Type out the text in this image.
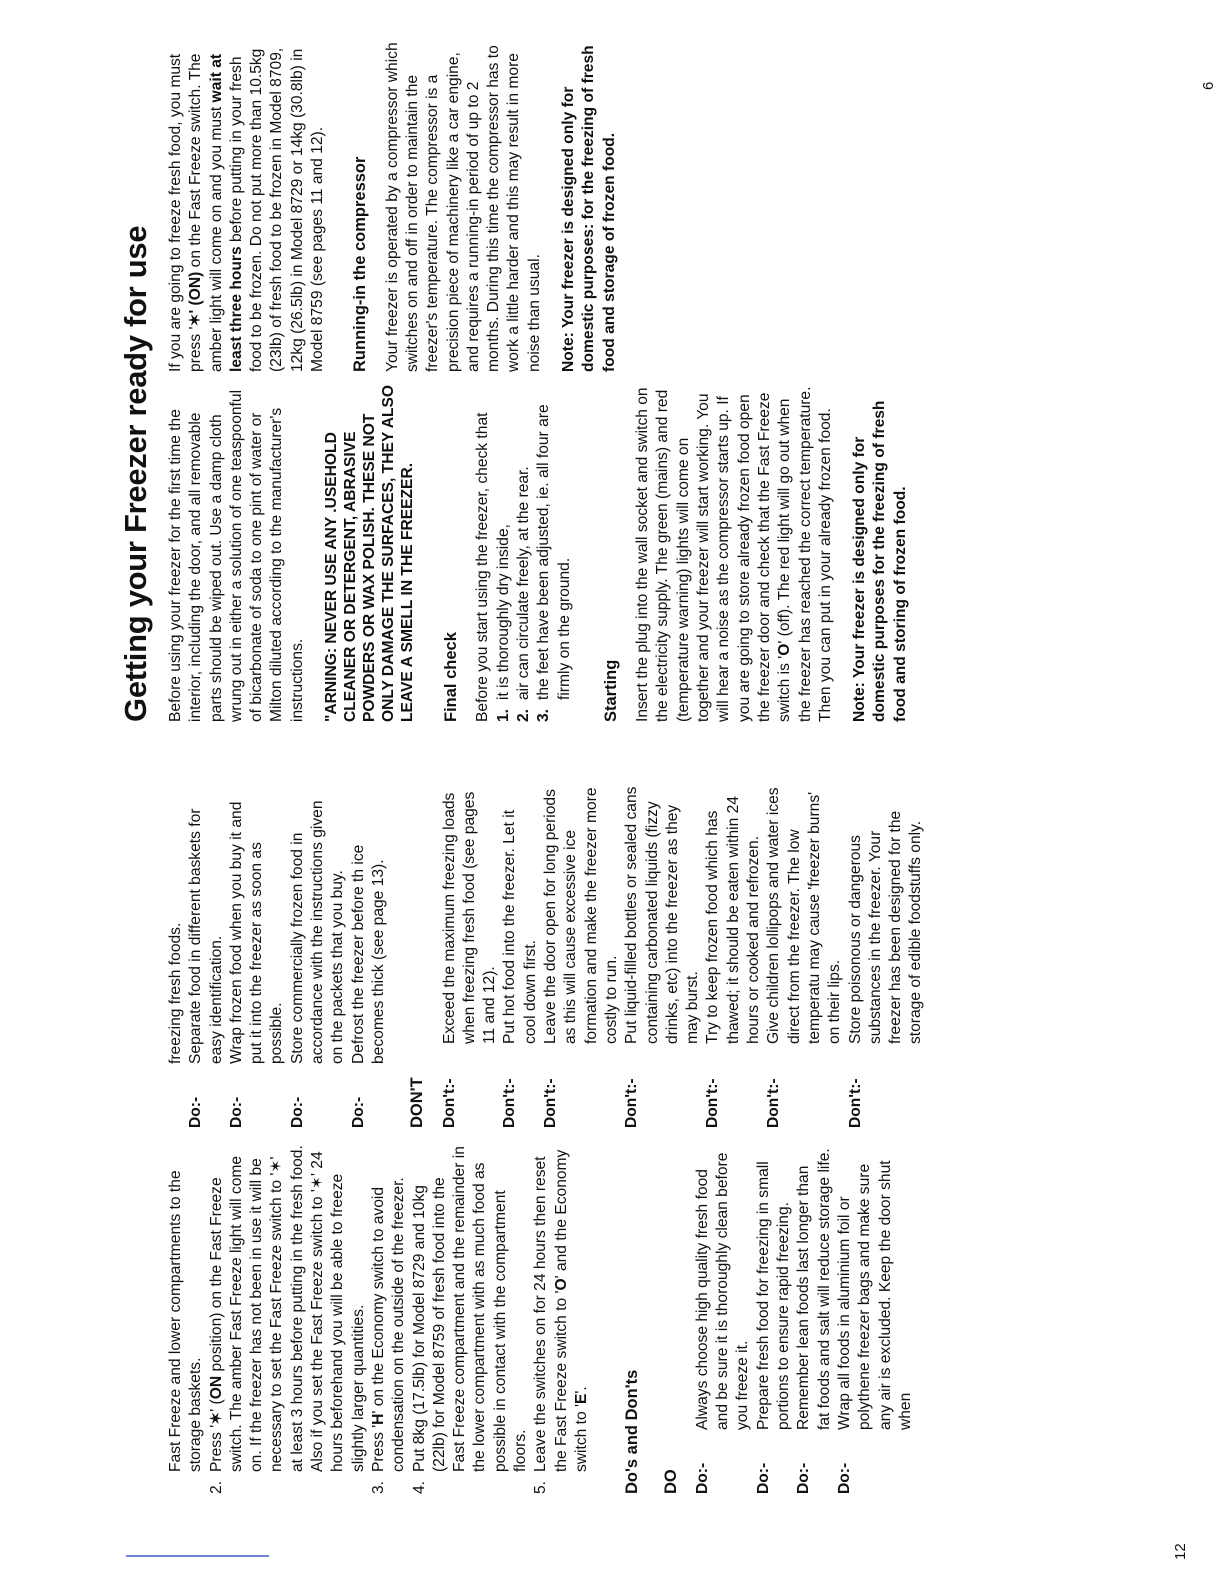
12
Fast Freeze and lower compartments to the storage baskets.
2.
Press '✶' (ON position) on the Fast Freeze switch. The amber Fast Freeze light will come on. If the freezer has not been in use it will be necessary to set the Fast Freeze switch to '✶' at least 3 hours before putting in the fresh food. Also if you set the Fast Freeze switch to '✶' 24 hours beforehand you will be able to freeze slightly larger quantities.
3.
Press 'H' on the Economy switch to avoid condensation on the outside of the freezer.
4.
Put 8kg (17.5lb) for Model 8729 and 10kg (22lb) for Model 8759 of fresh food into the Fast Freeze compartment and the remainder in the lower compartment with as much food as possible in contact with the compartment floors.
5.
Leave the switches on for 24 hours then reset the Fast Freeze switch to 'O' and the Economy switch to 'E'. Do's and Don'ts DO Do:-
Always choose high quality fresh food and be sure it is thoroughly clean before you freeze it.
Do:-
Prepare fresh food for freezing in small portions to ensure rapid freezing.
Do:-
Remember lean foods last longer than fat foods and salt will reduce storage life.
Do:-
Wrap all foods in aluminium foil or polythene freezer bags and make sure any air is excluded. Keep the door shut when
freezing fresh foods.
Do:-
Separate food in different baskets for easy identification.
Do:-
Wrap frozen food when you buy it and put it into the freezer as soon as possible.
Do:-
Store commercially frozen food in accordance with the instructions given on the packets that you buy.
Do:-
Defrost the freezer before th ice becomes thick (see page 13).
DON'T Don't:-
Exceed the maximum freezing loads when freezing fresh food (see pages 11 and 12).
Don't:-
Put hot food into the freezer. Let it cool down first.
Don't:-
Leave the door open for long periods as this will cause excessive ice formation and make the freezer more costly to run.
Don't:-
Put liquid-filled bottles or sealed cans containing carbonated liquids (fizzy drinks, etc) into the freezer as they may burst.
Don't:-
Try to keep frozen food which has thawed; it should be eaten within 24 hours or cooked and refrozen.
Don't:-
Give children lollipops and water ices direct from the freezer. The low temperatu may cause 'freezer burns' on their lips.
Don't:-
Store poisonous or dangerous substances in the freezer. Your freezer has been designed for the storage of edible foodstuffs only.
Getting your Freezer ready for use Before using your freezer for the first time the interior, including the door, and all removable parts should be wiped out. Use a damp cloth wrung out in either a solution of one teaspoonful of bicarbonate of soda to one pint of water or Milton diluted according to the manufacturer's instructions. "ARNING: NEVER USE ANY .USEHOLD CLEANER OR DETERGENT, ABRASIVE POWDERS OR WAX POLISH. THESE NOT ONLY DAMAGE THE SURFACES, THEY ALSO LEAVE A SMELL IN THE FREEZER. Final check Before you start using the freezer, check that 1.
it is thoroughly dry inside,
2.
air can circulate freely, at the rear.
3.
the feet have been adjusted, ie. all four are firmly on the ground. Starting Insert the plug into the wall socket and switch on the electricity supply. The green (mains) and red (temperature warning) lights will come on together and your freezer will start working. You will hear a noise as the compressor starts up. If you are going to store already frozen food open the freezer door and check that the Fast Freeze switch is 'O' (off). The red light will go out when the freezer has reached the correct temperature. Then you can put in your already frozen food. Note: Your freezer is designed only for domestic purposes for the freezing of fresh food and storing of frozen food.

If you are going to freeze fresh food, you must press '✶' (ON) on the Fast Freeze switch. The amber light will come on and you must wait at least three hours before putting in your fresh food to be frozen. Do not put more than 10.5kg (23lb) of fresh food to be frozen in Model 8709, 12kg (26.5lb) in Model 8729 or 14kg (30.8lb) in Model 8759 (see pages 11 and 12). Running-in the compressor Your freezer is operated by a compressor which switches on and off in order to maintain the freezer's temperature. The compressor is a precision piece of machinery like a car engine, and requires a running-in period of up to 2 months. During this time the compressor has to work a little harder and this may result in more noise than usual. Note: Your freezer is designed only for domestic purposes: for the freezing of fresh food and storage of frozen food.

6
